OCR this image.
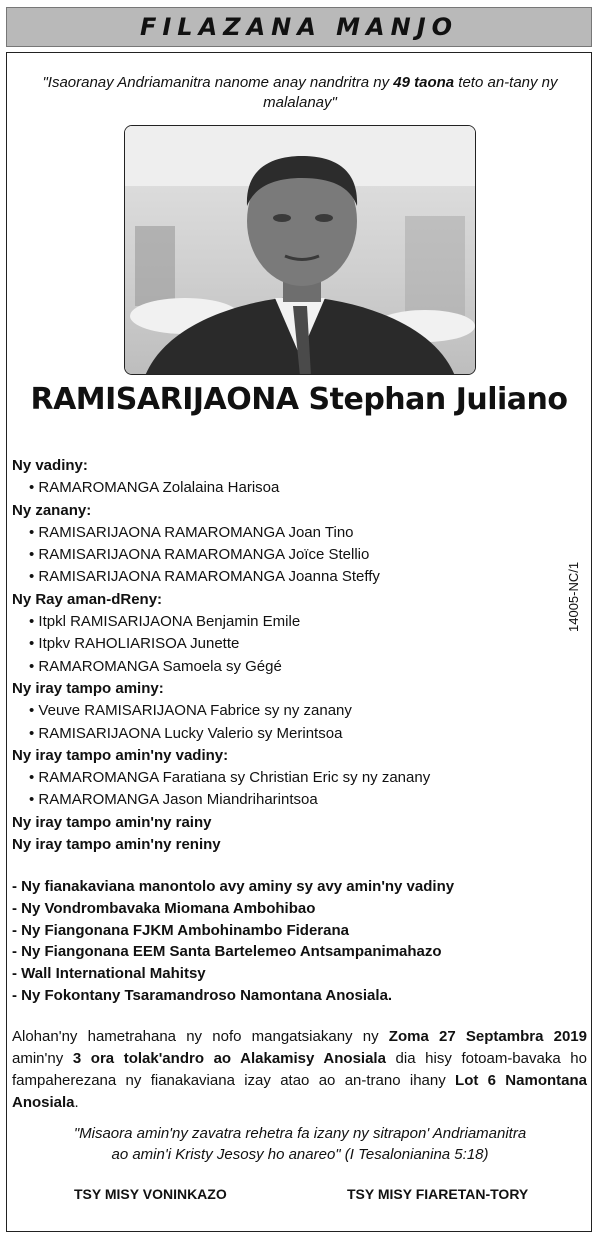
FILAZANA MANJO
"Isaoranay Andriamanitra nanome anay nandritra ny 49 taona teto an-tany ny malalanay"
RAMISARIJAONA Stephan Juliano
Ny vadiny:
• RAMAROMANGA Zolalaina Harisoa
Ny zanany:
• RAMISARIJAONA RAMAROMANGA Joan Tino
• RAMISARIJAONA RAMAROMANGA Joïce Stellio
• RAMISARIJAONA RAMAROMANGA Joanna Steffy
Ny Ray aman-dReny:
• Itpkl RAMISARIJAONA Benjamin Emile
• Itpkv RAHOLIARISOA Junette
• RAMAROMANGA Samoela sy Gégé
Ny iray tampo aminy:
• Veuve RAMISARIJAONA Fabrice sy ny zanany
• RAMISARIJAONA Lucky Valerio sy Merintsoa
Ny iray tampo amin'ny vadiny:
• RAMAROMANGA Faratiana sy Christian Eric sy ny zanany
• RAMAROMANGA Jason Miandriharintsoa
Ny iray tampo amin'ny rainy
Ny iray tampo amin'ny reniny
14005-NC/1
- Ny fianakaviana manontolo avy aminy sy avy amin'ny vadiny
- Ny Vondrombavaka Miomana Ambohibao
- Ny Fiangonana FJKM Ambohinambo Fiderana
- Ny Fiangonana EEM Santa Bartelemeo Antsampanimahazo
- Wall International Mahitsy
- Ny Fokontany Tsaramandroso Namontana Anosiala.
Alohan'ny hametrahana ny nofo mangatsiakany ny Zoma 27 Septambra 2019 amin'ny 3 ora tolak'andro ao Alakamisy Anosiala dia hisy fotoam-bavaka ho fampaherezana ny fianakaviana izay atao ao an-trano ihany Lot 6 Namontana Anosiala.
"Misaora amin'ny zavatra rehetra fa izany ny sitrapon' Andriamanitra
ao amin'i Kristy Jesosy ho anareo" (I Tesalonianina 5:18)
TSY MISY VONINKAZO	TSY MISY FIARETAN-TORY
